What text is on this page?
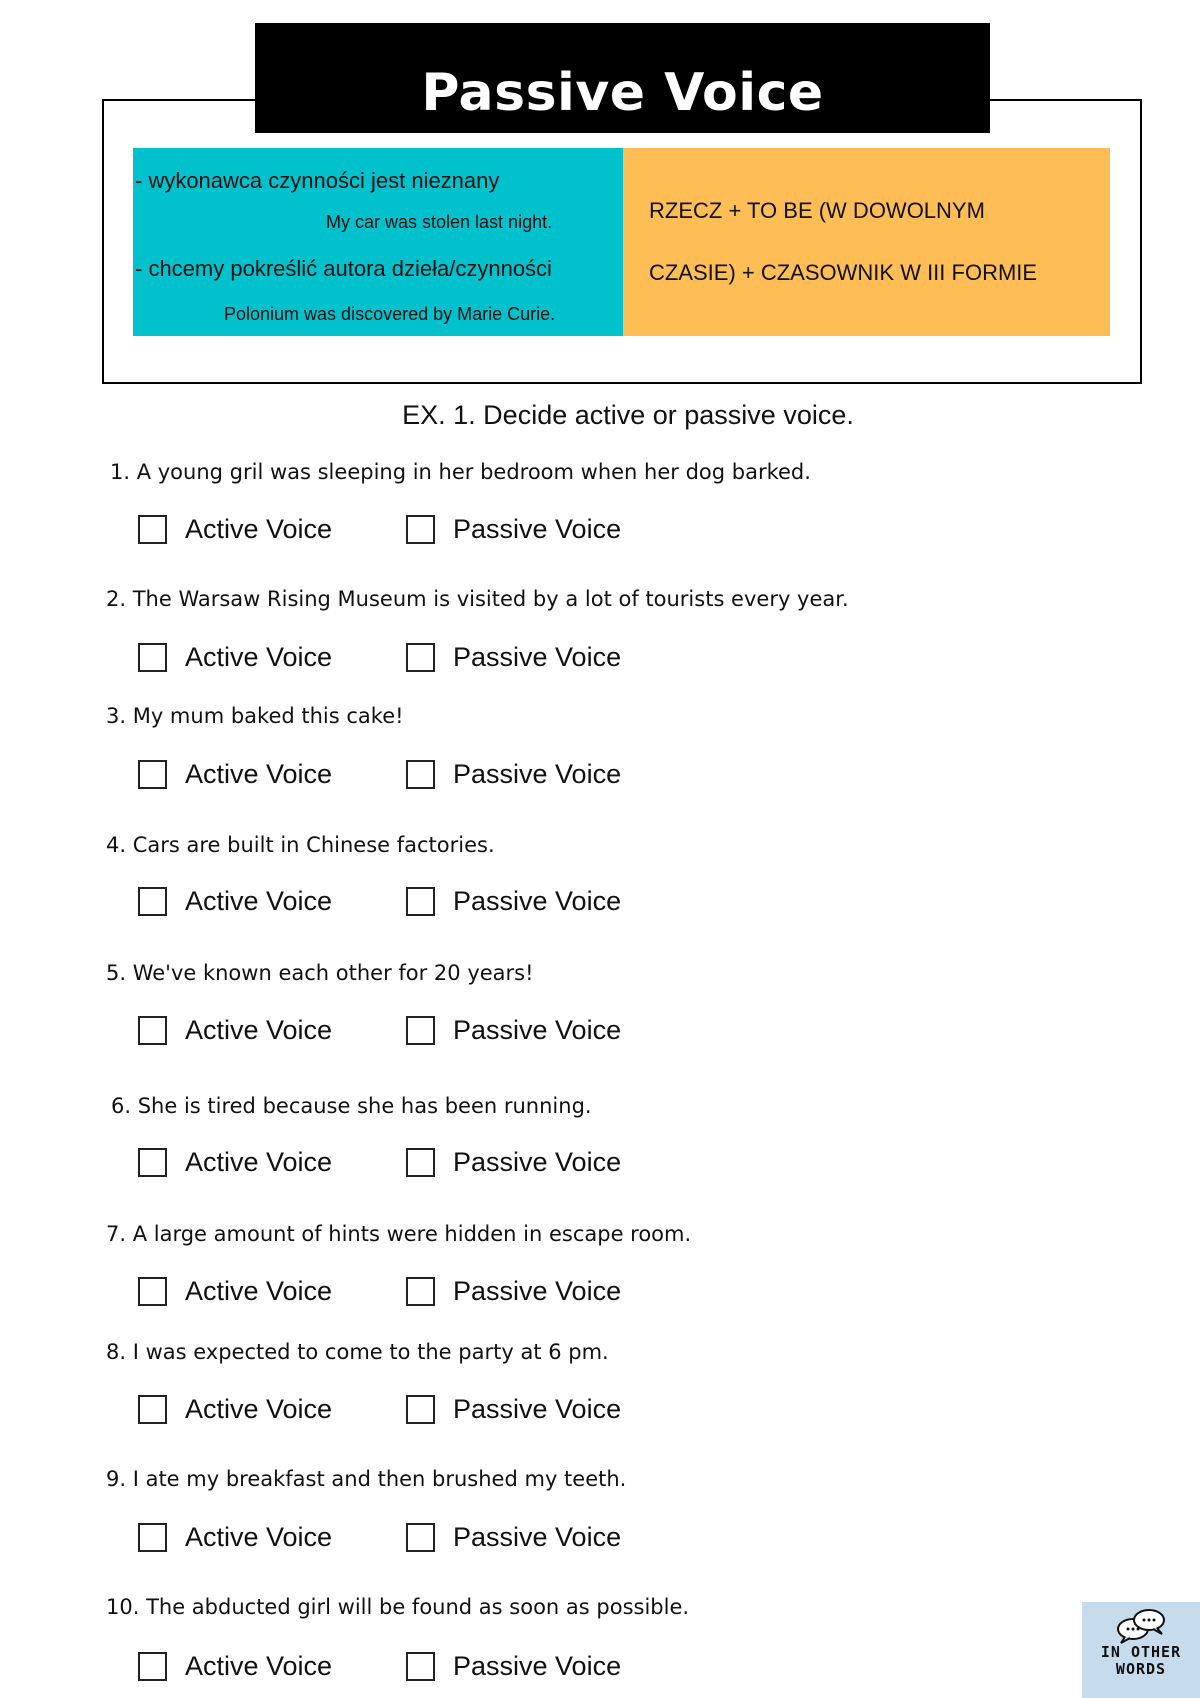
Passive Voice
- wykonawca czynności jest nieznany
My car was stolen last night.
- chcemy pokreślić autora dzieła/czynności
Polonium was discovered by Marie Curie.
RZECZ + TO BE (W DOWOLNYM
CZASIE) + CZASOWNIK W III FORMIE
EX. 1. Decide active or passive voice.
1. A young gril was sleeping in her bedroom when her dog barked.
Active Voice	Passive Voice
2. The Warsaw Rising Museum is visited by a lot of tourists every year.
Active Voice	Passive Voice
3. My mum baked this cake!
Active Voice	Passive Voice
4. Cars are built in Chinese factories.
Active Voice	Passive Voice
5. We've known each other for 20 years!
Active Voice	Passive Voice
6. She is tired because she has been running.
Active Voice	Passive Voice
7. A large amount of hints were hidden in escape room.
Active Voice	Passive Voice
8. I was expected to come to the party at 6 pm.
Active Voice	Passive Voice
9. I ate my breakfast and then brushed my teeth.
Active Voice	Passive Voice
10. The abducted girl will be found as soon as possible.
Active Voice	Passive Voice	IN OTHER
WORDS
